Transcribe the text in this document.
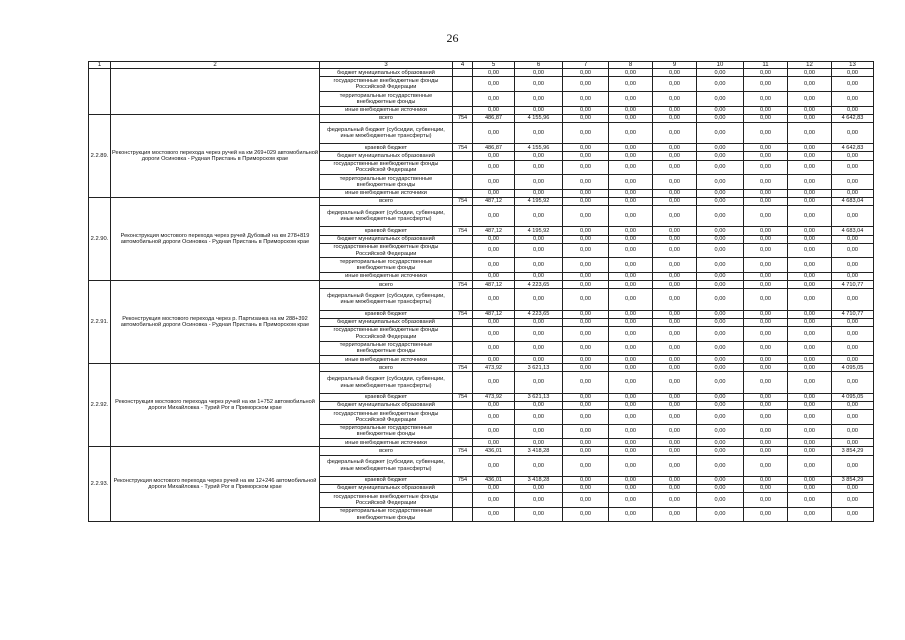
26
1	2	3	4	5	6	7	8	9	10	11	12	13
		бюджет муниципальных образований		0,00	0,00	0,00	0,00	0,00	0,00	0,00	0,00	0,00
		государственные внебюджетные фонды Российской Федерации		0,00	0,00	0,00	0,00	0,00	0,00	0,00	0,00	0,00
		территориальные государственные внебюджетные фонды		0,00	0,00	0,00	0,00	0,00	0,00	0,00	0,00	0,00
		иные внебюджетные источники		0,00	0,00	0,00	0,00	0,00	0,00	0,00	0,00	0,00
2.2.89.	Реконструкция мостового перехода через ручей на км 269+029 автомобильной дороги Осиновка - Рудная Пристань в Приморском крае	всего	754	486,87	4 155,96	0,00	0,00	0,00	0,00	0,00	0,00	4 642,83
		федеральный бюджет (субсидии, субвенции, иные межбюджетные трансферты)		0,00	0,00	0,00	0,00	0,00	0,00	0,00	0,00	0,00
		краевой бюджет	754	486,87	4 155,96	0,00	0,00	0,00	0,00	0,00	0,00	4 642,83
		бюджет муниципальных образований		0,00	0,00	0,00	0,00	0,00	0,00	0,00	0,00	0,00
		государственные внебюджетные фонды Российской Федерации		0,00	0,00	0,00	0,00	0,00	0,00	0,00	0,00	0,00
		территориальные государственные внебюджетные фонды		0,00	0,00	0,00	0,00	0,00	0,00	0,00	0,00	0,00
		иные внебюджетные источники		0,00	0,00	0,00	0,00	0,00	0,00	0,00	0,00	0,00
2.2.90.	Реконструкция мостового перехода через ручей Дубовый на км 278+819 автомобильной дороги Осиновка - Рудная Пристань в Приморском крае	всего	754	487,12	4 195,92	0,00	0,00	0,00	0,00	0,00	0,00	4 683,04
		федеральный бюджет (субсидии, субвенции, иные межбюджетные трансферты)		0,00	0,00	0,00	0,00	0,00	0,00	0,00	0,00	0,00
		краевой бюджет	754	487,12	4 195,92	0,00	0,00	0,00	0,00	0,00	0,00	4 683,04
		бюджет муниципальных образований		0,00	0,00	0,00	0,00	0,00	0,00	0,00	0,00	0,00
		государственные внебюджетные фонды Российской Федерации		0,00	0,00	0,00	0,00	0,00	0,00	0,00	0,00	0,00
		территориальные государственные внебюджетные фонды		0,00	0,00	0,00	0,00	0,00	0,00	0,00	0,00	0,00
		иные внебюджетные источники		0,00	0,00	0,00	0,00	0,00	0,00	0,00	0,00	0,00
2.2.91.	Реконструкция мостового перехода через р. Партизанка на км 288+392 автомобильной дороги Осиновка - Рудная Пристань в Приморском крае	всего	754	487,12	4 223,65	0,00	0,00	0,00	0,00	0,00	0,00	4 710,77
		федеральный бюджет (субсидии, субвенции, иные межбюджетные трансферты)		0,00	0,00	0,00	0,00	0,00	0,00	0,00	0,00	0,00
		краевой бюджет	754	487,12	4 223,65	0,00	0,00	0,00	0,00	0,00	0,00	4 710,77
		бюджет муниципальных образований		0,00	0,00	0,00	0,00	0,00	0,00	0,00	0,00	0,00
		государственные внебюджетные фонды Российской Федерации		0,00	0,00	0,00	0,00	0,00	0,00	0,00	0,00	0,00
		территориальные государственные внебюджетные фонды		0,00	0,00	0,00	0,00	0,00	0,00	0,00	0,00	0,00
		иные внебюджетные источники		0,00	0,00	0,00	0,00	0,00	0,00	0,00	0,00	0,00
2.2.92.	Реконструкция мостового перехода через ручей на км 1+752 автомобильной дороги Михайловка - Турий Рог в Приморском крае	всего	754	473,92	3 621,13	0,00	0,00	0,00	0,00	0,00	0,00	4 095,05
		федеральный бюджет (субсидии, субвенции, иные межбюджетные трансферты)		0,00	0,00	0,00	0,00	0,00	0,00	0,00	0,00	0,00
		краевой бюджет	754	473,92	3 621,13	0,00	0,00	0,00	0,00	0,00	0,00	4 095,05
		бюджет муниципальных образований		0,00	0,00	0,00	0,00	0,00	0,00	0,00	0,00	0,00
		государственные внебюджетные фонды Российской Федерации		0,00	0,00	0,00	0,00	0,00	0,00	0,00	0,00	0,00
		территориальные государственные внебюджетные фонды		0,00	0,00	0,00	0,00	0,00	0,00	0,00	0,00	0,00
		иные внебюджетные источники		0,00	0,00	0,00	0,00	0,00	0,00	0,00	0,00	0,00
2.2.93.	Реконструкция мостового перехода через ручей на км 12+246 автомобильной дороги Михайловка - Турий Рог в Приморском крае	всего	754	436,01	3 418,28	0,00	0,00	0,00	0,00	0,00	0,00	3 854,29
		федеральный бюджет (субсидии, субвенции, иные межбюджетные трансферты)		0,00	0,00	0,00	0,00	0,00	0,00	0,00	0,00	0,00
		краевой бюджет	754	436,01	3 418,28	0,00	0,00	0,00	0,00	0,00	0,00	3 854,29
		бюджет муниципальных образований		0,00	0,00	0,00	0,00	0,00	0,00	0,00	0,00	0,00
		государственные внебюджетные фонды Российской Федерации		0,00	0,00	0,00	0,00	0,00	0,00	0,00	0,00	0,00
		территориальные государственные внебюджетные фонды		0,00	0,00	0,00	0,00	0,00	0,00	0,00	0,00	0,00
